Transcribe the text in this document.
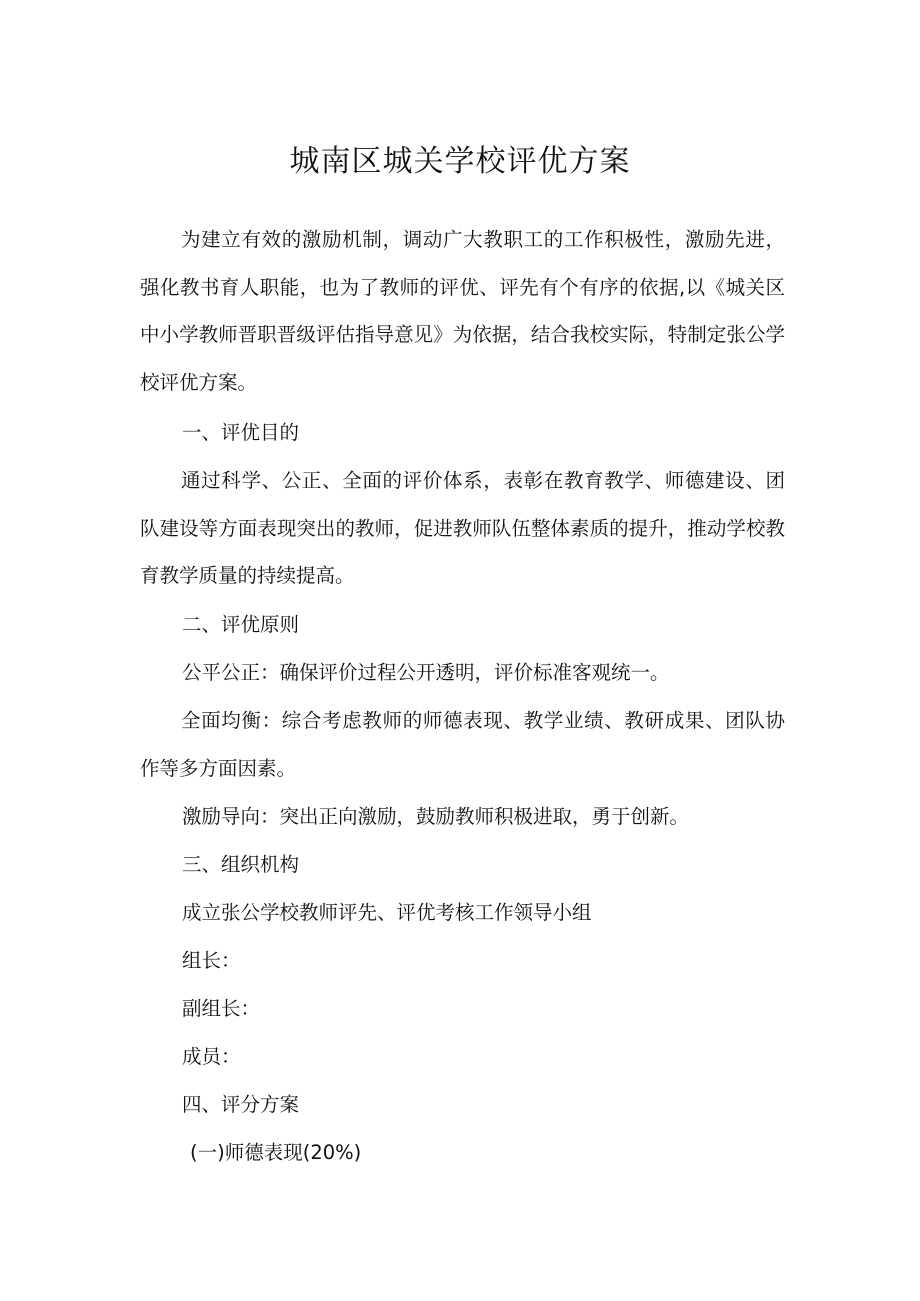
城南区城关学校评优方案

为建立有效的激励机制，调动广大教职工的工作积极性，激励先进，强化教书育人职能，也为了教师的评优、评先有个有序的依据,以《城关区中小学教师晋职晋级评估指导意见》为依据，结合我校实际，特制定张公学校评优方案。

一、评优目的

通过科学、公正、全面的评价体系，表彰在教育教学、师德建设、团队建设等方面表现突出的教师，促进教师队伍整体素质的提升，推动学校教育教学质量的持续提高。

二、评优原则

公平公正：确保评价过程公开透明，评价标准客观统一。

全面均衡：综合考虑教师的师德表现、教学业绩、教研成果、团队协作等多方面因素。

激励导向：突出正向激励，鼓励教师积极进取，勇于创新。

三、组织机构

成立张公学校教师评先、评优考核工作领导小组

组长：

副组长：

成员：

四、评分方案

(一)师德表现(20%)
